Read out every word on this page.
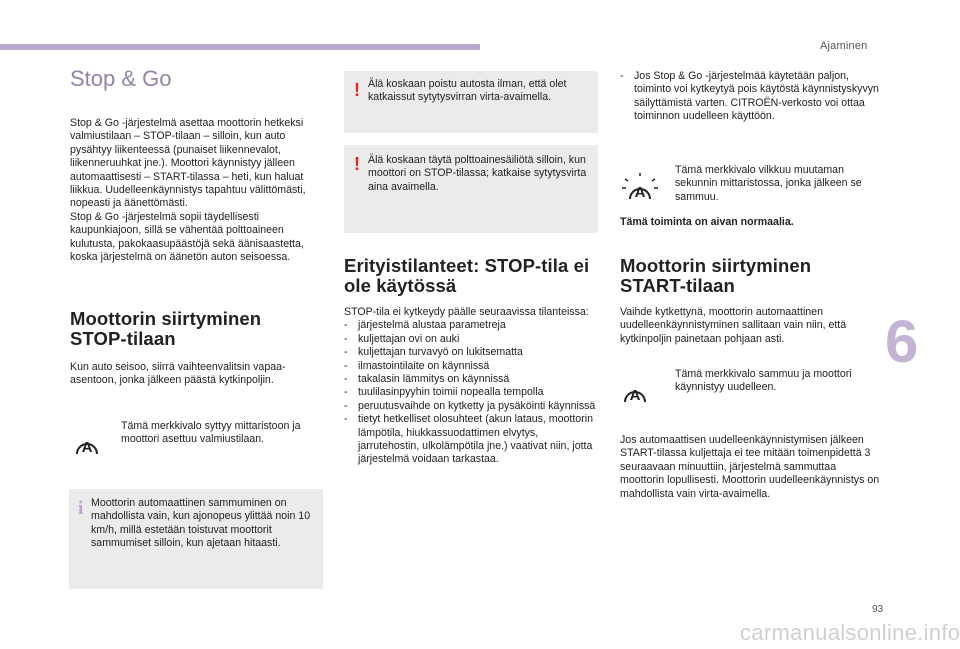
Ajaminen
6
93
carmanualsonline.info
Stop & Go

Stop & Go -järjestelmä asettaa moottorin hetkeksi valmiustilaan – STOP-tilaan – silloin, kun auto pysähtyy liikenteessä (punaiset liikennevalot, liikenneruuhkat jne.). Moottori käynnistyy jälleen automaattisesti – START-tilassa – heti, kun haluat liikkua. Uudelleenkäynnistys tapahtuu välittömästi, nopeasti ja äänettömästi.

Stop & Go -järjestelmä sopii täydellisesti kaupunkiajoon, sillä se vähentää polttoaineen kulutusta, pakokaasupäästöjä sekä äänisaastetta, koska järjestelmä on äänetön auton seisoessa.

Moottorin siirtyminen STOP-tilaan

Kun auto seisoo, siirrä vaihteenvalitsin vapaa-asentoon, jonka jälkeen päästä kytkinpoljin.

A
Tämä merkkivalo syttyy mittaristoon ja moottori asettuu valmiustilaan.
i Moottorin automaattinen sammuminen on mahdollista vain, kun ajonopeus ylittää noin 10 km/h, millä estetään toistuvat moottorit sammumiset silloin, kun ajetaan hitaasti.
! Älä koskaan poistu autosta ilman, että olet katkaissut sytytysvirran virta-avaimella.
! Älä koskaan täytä polttoainesäiliötä silloin, kun moottori on STOP-tilassa; katkaise sytytysvirta aina avaimella.
Erityistilanteet: STOP-tila ei ole käytössä

STOP-tila ei kytkeydy päälle seuraavissa tilanteissa:

- järjestelmä alustaa parametreja
- kuljettajan ovi on auki
- kuljettajan turvavyö on lukitsematta
- ilmastointilaite on käynnissä
- takalasin lämmitys on käynnissä
- tuulilasinpyyhin toimii nopealla tempolla
- peruutusvaihde on kytketty ja pysäköinti käynnissä
- tietyt hetkelliset olosuhteet (akun lataus, moottorin lämpötila, hiukkassuodattimen elvytys, jarrutehostin, ulkolämpötila jne.) vaativat niin, jotta järjestelmä voidaan tarkastaa.
- Jos Stop & Go -järjestelmää käytetään paljon, toiminto voi kytkeytyä pois käytöstä käynnistyskyvyn säilyttämistä varten. CITROËN-verkosto voi ottaa toiminnon uudelleen käyttöön.
A
Tämä merkkivalo vilkkuu muutaman sekunnin mittaristossa, jonka jälkeen se sammuu.
Tämä toiminta on aivan normaalia.
Moottorin siirtyminen START-tilaan

Vaihde kytkettynä, moottorin automaattinen uudelleenkäynnistyminen sallitaan vain niin, että kytkinpoljin painetaan pohjaan asti.

A
Tämä merkkivalo sammuu ja moottori käynnistyy uudelleen.
Jos automaattisen uudelleenkäynnistymisen jälkeen START-tilassa kuljettaja ei tee mitään toimenpidettä 3 seuraavaan minuuttiin, järjestelmä sammuttaa moottorin lopullisesti. Moottorin uudelleenkäynnistys on mahdollista vain virta-avaimella.
